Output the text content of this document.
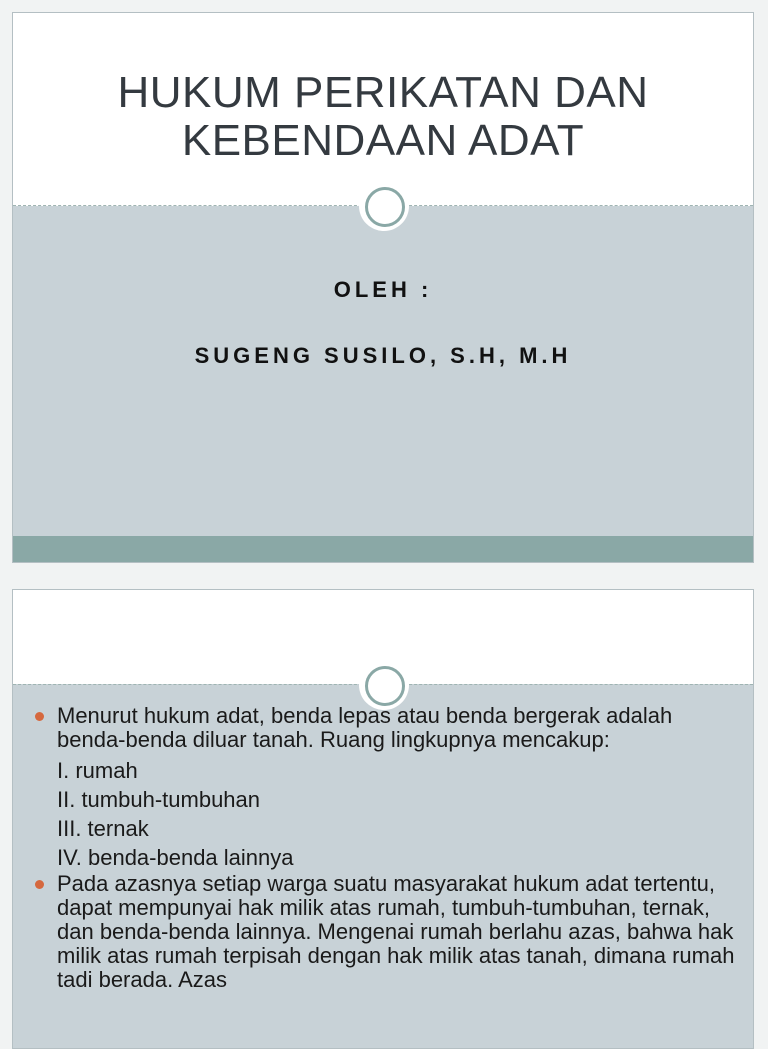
HUKUM PERIKATAN DAN
KEBENDAAN ADAT
OLEH :
SUGENG SUSILO, S.H, M.H
Menurut hukum adat, benda lepas atau benda bergerak adalah benda-benda diluar tanah. Ruang lingkupnya mencakup:
I. rumah
II. tumbuh-tumbuhan
III. ternak
IV. benda-benda lainnya
Pada azasnya setiap warga suatu masyarakat hukum adat tertentu, dapat mempunyai hak milik atas rumah, tumbuh-tumbuhan, ternak, dan benda-benda lainnya. Mengenai rumah berlahu azas, bahwa hak milik atas rumah terpisah dengan hak milik atas tanah, dimana rumah tadi berada. Azas
